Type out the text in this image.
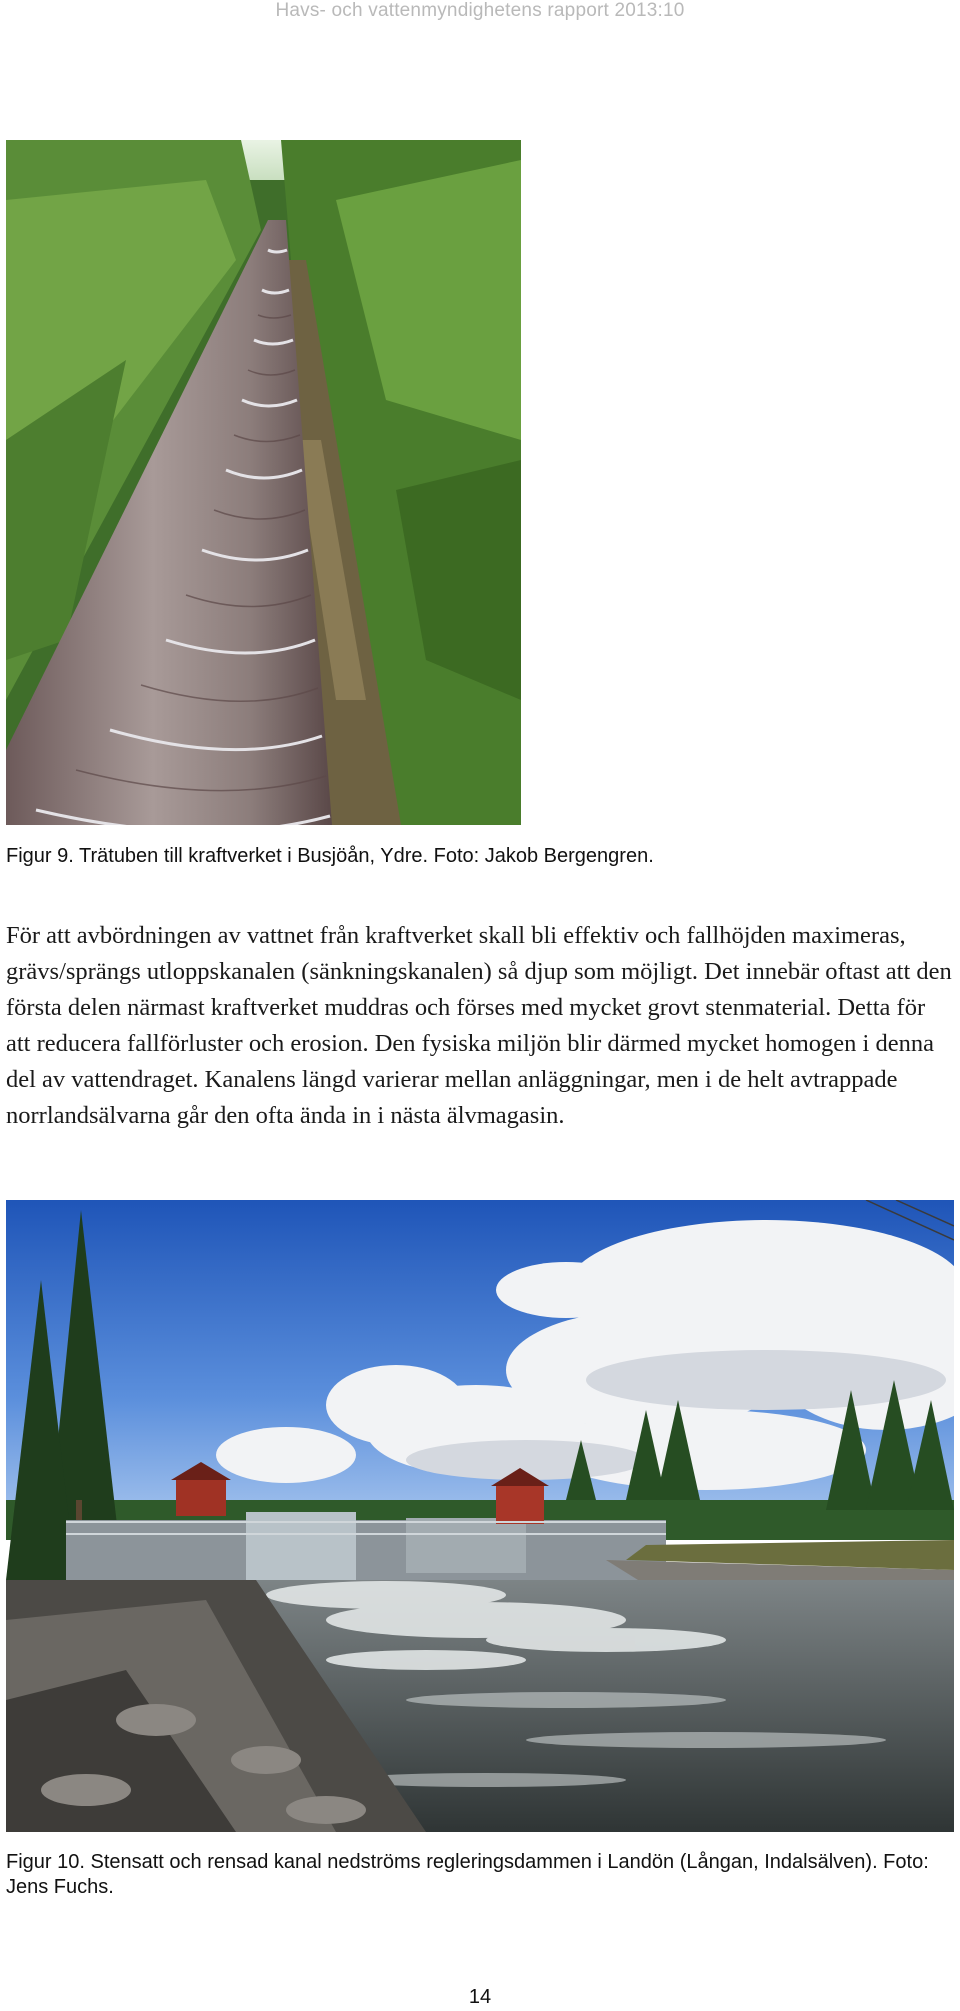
Havs- och vattenmyndighetens rapport 2013:10
Figur 9. Trätuben till kraftverket i Busjöån, Ydre. Foto: Jakob Bergengren.

För att avbördningen av vattnet från kraftverket skall bli effektiv och fallhöjden maximeras, grävs/sprängs utloppskanalen (sänkningskanalen) så djup som möjligt. Det innebär oftast att den första delen närmast kraftverket muddras och förses med mycket grovt stenmaterial. Detta för att reducera fallförluster och erosion. Den fysiska miljön blir därmed mycket homogen i denna del av vattendraget. Kanalens längd varierar mellan anläggningar, men i de helt avtrappade norrlandsälvarna går den ofta ända in i nästa älvmagasin.

Figur 10. Stensatt och rensad kanal nedströms regleringsdammen i Landön (Långan, Indalsälven). Foto: Jens Fuchs.
14
